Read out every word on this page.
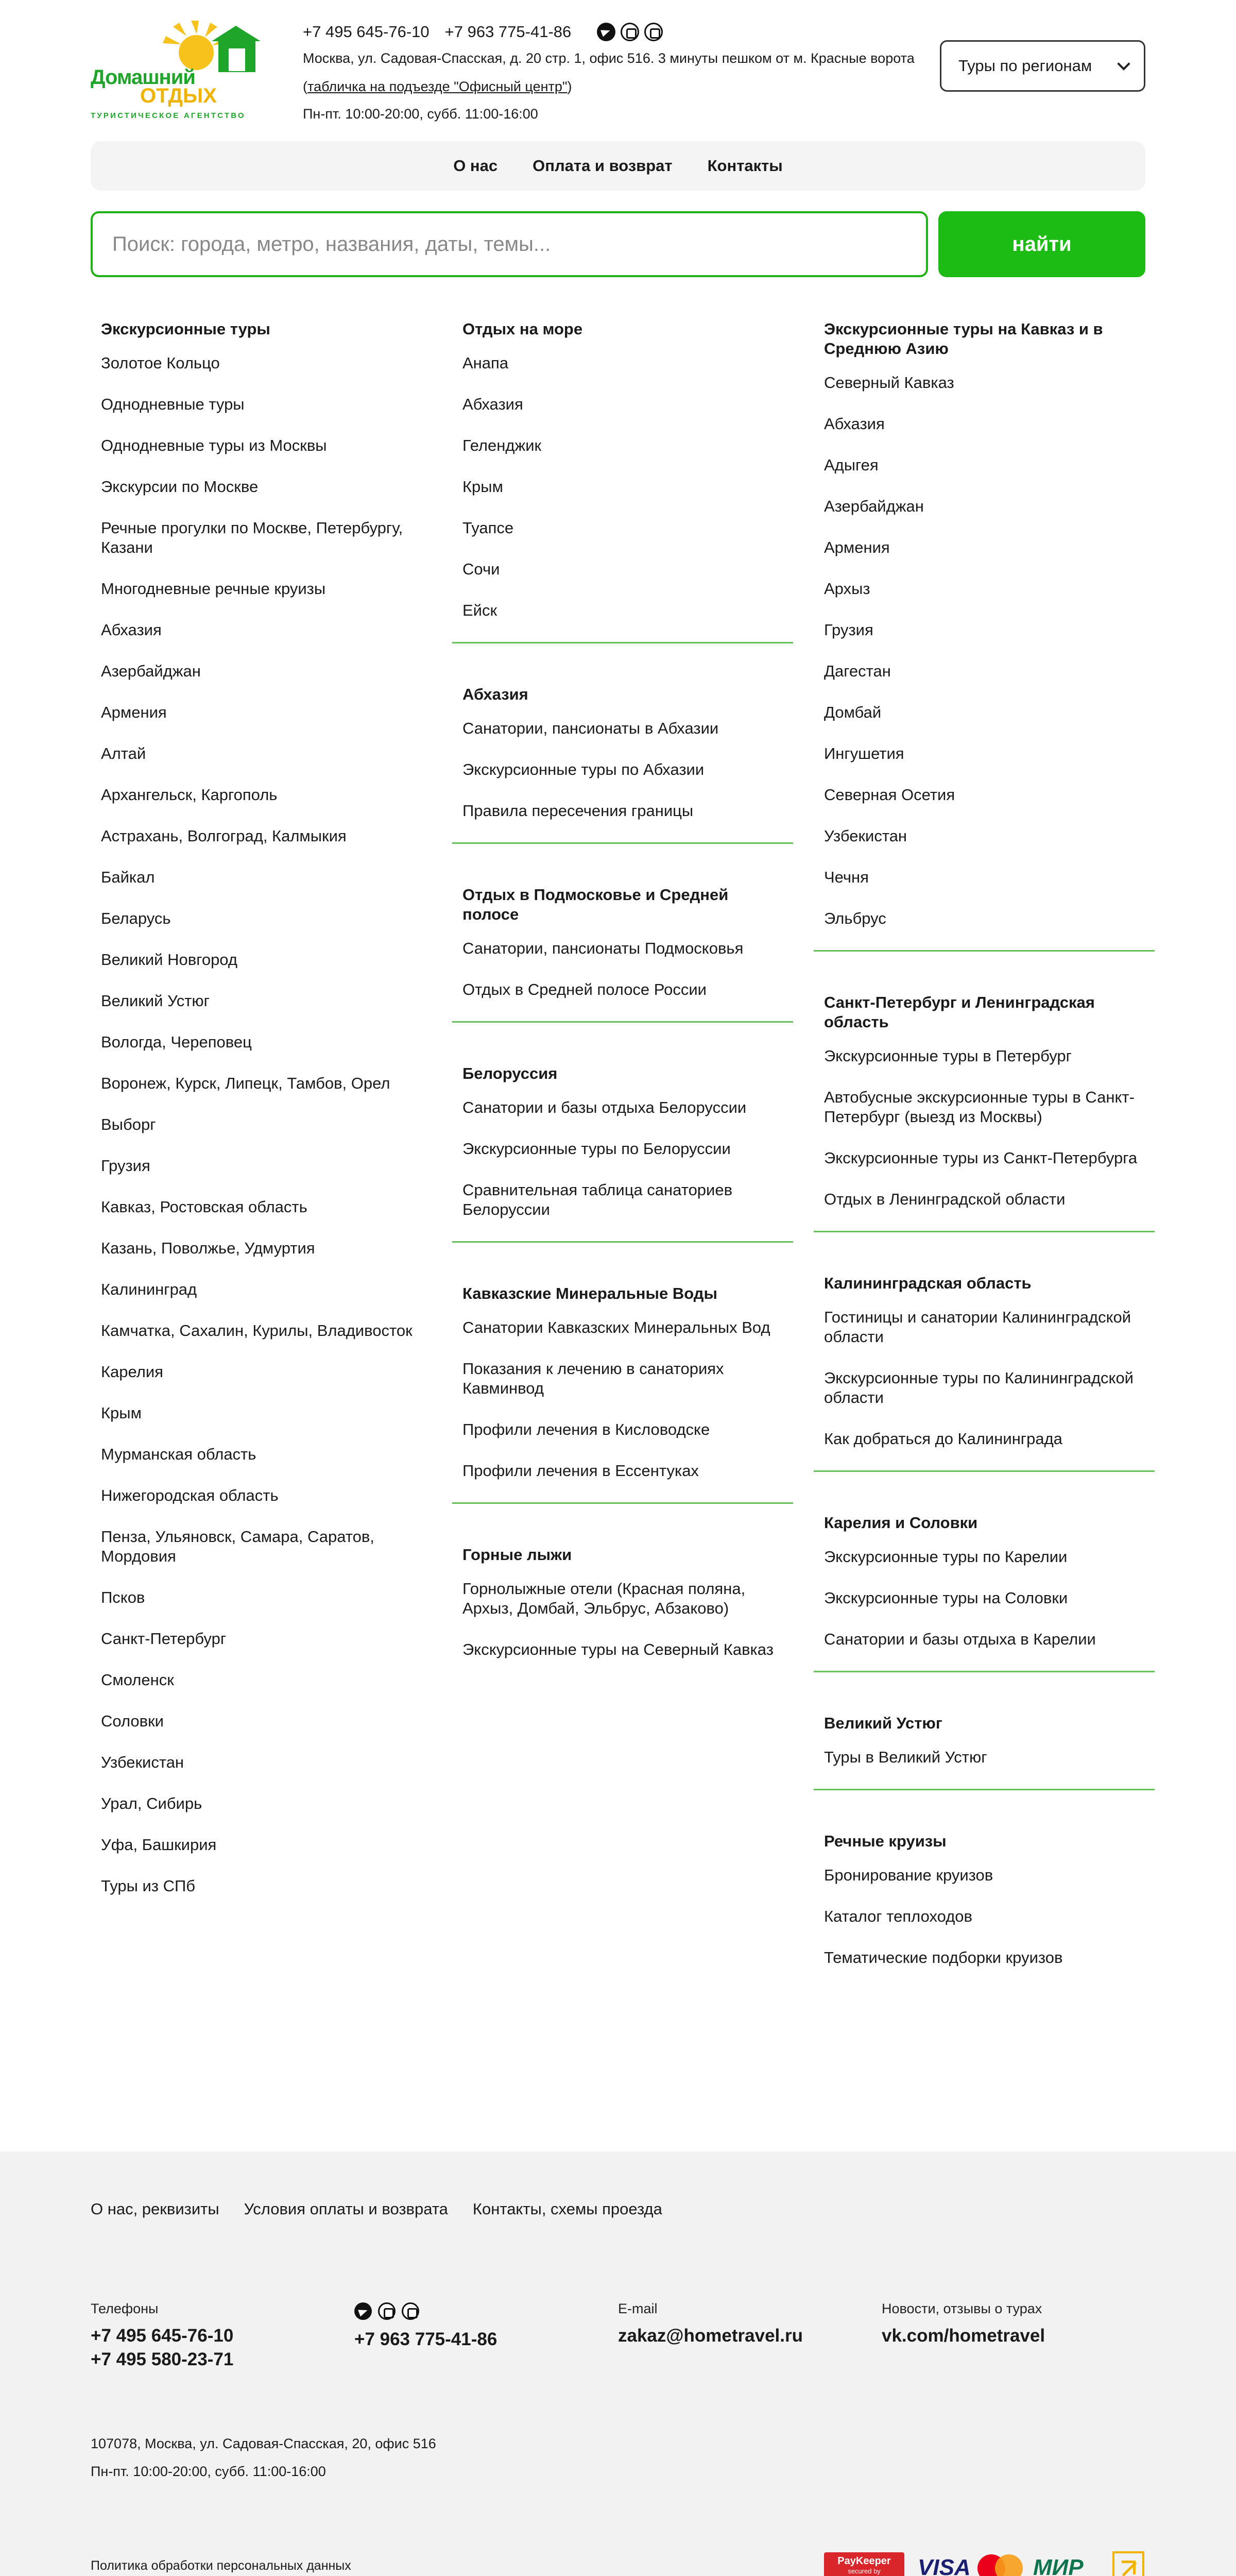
Домашний
ОТДЫХ
ТУРИСТИЧЕСКОЕ АГЕНТСТВО
+7 495 645-76-10 +7 963 775-41-86
Москва, ул. Садовая-Спасская, д. 20 стр. 1, офис 516. 3 минуты пешком от м. Красные ворота (табличка на подъезде "Офисный центр")
Пн-пт. 10:00-20:00, субб. 11:00-16:00
Туры по регионам
О нас Оплата и возврат Контакты
Поиск: города, метро, названия, даты, темы...	найти
Экскурсионные туры
Золотое Кольцо
Однодневные туры
Однодневные туры из Москвы
Экскурсии по Москве
Речные прогулки по Москве, Петербургу, Казани
Многодневные речные круизы
Абхазия
Азербайджан
Армения
Алтай
Архангельск, Каргополь
Астрахань, Волгоград, Калмыкия
Байкал
Беларусь
Великий Новгород
Великий Устюг
Вологда, Череповец
Воронеж, Курск, Липецк, Тамбов, Орел
Выборг
Грузия
Кавказ, Ростовская область
Казань, Поволжье, Удмуртия
Калининград
Камчатка, Сахалин, Курилы, Владивосток
Карелия
Крым
Мурманская область
Нижегородская область
Пенза, Ульяновск, Самара, Саратов, Мордовия
Псков
Санкт-Петербург
Смоленск
Соловки
Узбекистан
Урал, Сибирь
Уфа, Башкирия
Туры из СПб
Отдых на море
Анапа
Абхазия
Геленджик
Крым
Туапсе
Сочи
Ейск
Абхазия
Санатории, пансионаты в Абхазии
Экскурсионные туры по Абхазии
Правила пересечения границы
Отдых в Подмосковье и Средней полосе
Санатории, пансионаты Подмосковья
Отдых в Средней полосе России
Белоруссия
Санатории и базы отдыха Белоруссии
Экскурсионные туры по Белоруссии
Сравнительная таблица санаториев Белоруссии
Кавказские Минеральные Воды
Санатории Кавказских Минеральных Вод
Показания к лечению в санаториях Кавминвод
Профили лечения в Кисловодске
Профили лечения в Ессентуках
Горные лыжи
Горнолыжные отели (Красная поляна, Архыз, Домбай, Эльбрус, Абзаково)
Экскурсионные туры на Северный Кавказ
Экскурсионные туры на Кавказ и в Среднюю Азию
Северный Кавказ
Абхазия
Адыгея
Азербайджан
Армения
Архыз
Грузия
Дагестан
Домбай
Ингушетия
Северная Осетия
Узбекистан
Чечня
Эльбрус
Санкт-Петербург и Ленинградская область
Экскурсионные туры в Петербург
Автобусные экскурсионные туры в Санкт-Петербург (выезд из Москвы)
Экскурсионные туры из Санкт-Петербурга
Отдых в Ленинградской области
Калининградская область
Гостиницы и санатории Калининградской области
Экскурсионные туры по Калининградской области
Как добраться до Калининграда
Карелия и Соловки
Экскурсионные туры по Карелии
Экскурсионные туры на Соловки
Санатории и базы отдыха в Карелии
Великий Устюг
Туры в Великий Устюг
Речные круизы
Бронирование круизов
Каталог теплоходов
Тематические подборки круизов
О нас, реквизиты Условия оплаты и возврата Контакты, схемы проезда
Телефоны
+7 495 645-76-10
+7 495 580-23-71
+7 963 775-41-86
E-mail
zakaz@hometravel.ru
Новости, отзывы о турах
vk.com/hometravel
107078, Москва, ул. Садовая-Спасская, 20, офис 516
Пн-пт. 10:00-20:00, субб. 11:00-16:00
Политика обработки персональных данных	PayKeeper
secured by VISA	МИР
